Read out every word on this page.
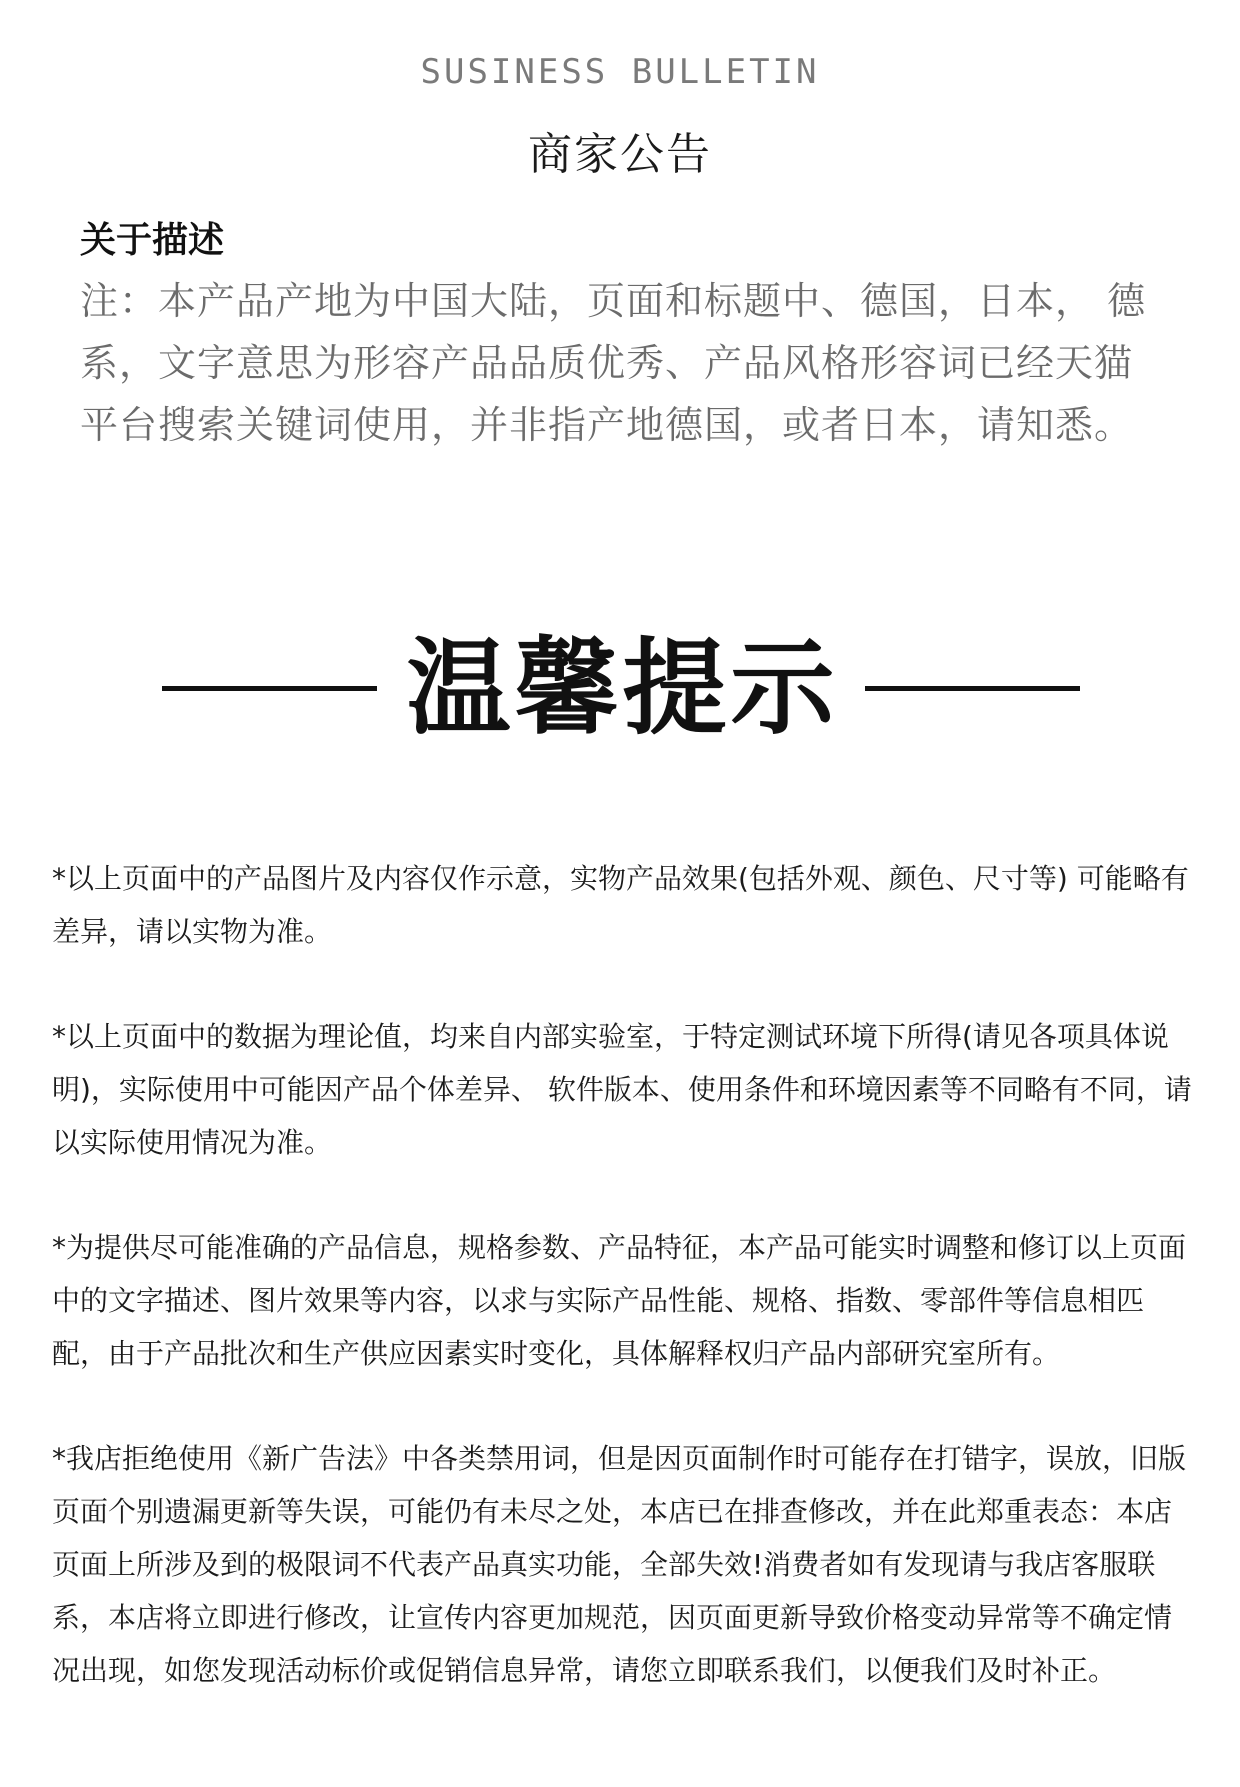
SUSINESS BULLETIN
商家公告
关于描述
注：本产品产地为中国大陆，页面和标题中、德国，日本， 德系，文字意思为形容产品品质优秀、产品风格形容词已经天猫平台搜索关键词使用，并非指产地德国，或者日本，请知悉。
温馨提示

*以上页面中的产品图片及内容仅作示意，实物产品效果(包括外观、颜色、尺寸等) 可能略有差异，请以实物为准。

*以上页面中的数据为理论值，均来自内部实验室，于特定测试环境下所得(请见各项具体说明)，实际使用中可能因产品个体差异、 软件版本、使用条件和环境因素等不同略有不同，请以实际使用情况为准。

*为提供尽可能准确的产品信息，规格参数、产品特征，本产品可能实时调整和修订以上页面中的文字描述、图片效果等内容，以求与实际产品性能、规格、指数、零部件等信息相匹配，由于产品批次和生产供应因素实时变化，具体解释权归产品内部研究室所有。

*我店拒绝使用《新广告法》中各类禁用词，但是因页面制作时可能存在打错字，误放，旧版页面个别遗漏更新等失误，可能仍有未尽之处，本店已在排查修改，并在此郑重表态：本店页面上所涉及到的极限词不代表产品真实功能，全部失效!消费者如有发现请与我店客服联系，本店将立即进行修改，让宣传内容更加规范，因页面更新导致价格变动异常等不确定情况出现，如您发现活动标价或促销信息异常，请您立即联系我们，以便我们及时补正。
